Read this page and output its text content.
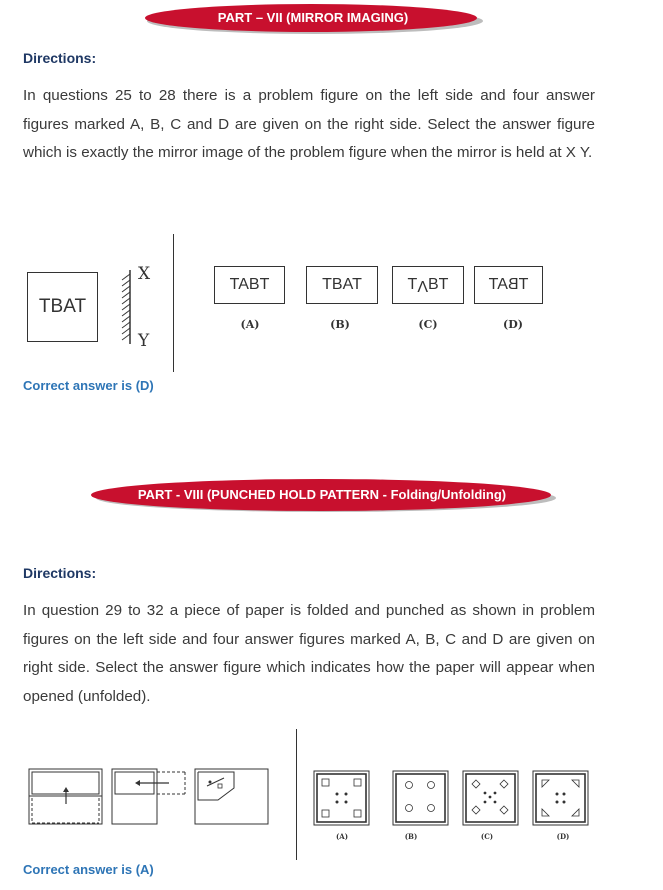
PART – VII (MIRROR IMAGING)
Directions:
In questions 25 to 28 there is a problem figure on the left side and four answer figures marked A, B, C and D are given on the right side. Select the answer figure which is exactly the mirror image of the problem figure when the mirror is held at X Y.
TBAT
X
Y
TABT	TBAT	T V BT	TA B T
(A)	(B)	(C)	(D)
Correct answer is (D)
PART - VIII (PUNCHED HOLD PATTERN - Folding/Unfolding)
Directions:
In question 29 to 32 a piece of paper is folded and punched as shown in problem figures on the left side and four answer figures marked A, B, C and D are given on right side. Select the answer figure which indicates how the paper will appear when opened (unfolded).
(A)	(B)	(C)	(D)
Correct answer is (A)
